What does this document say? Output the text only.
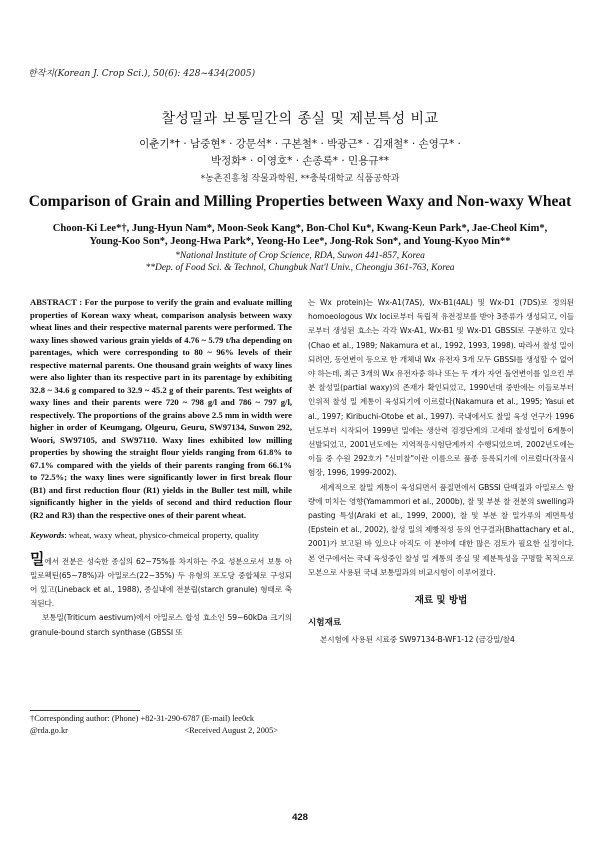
한작지(Korean J. Crop Sci.), 50(6): 428~434(2005)
찰성밀과 보통밀간의 종실 및 제분특성 비교
이춘기*† · 남중현* · 강문석* · 구본철* · 박광근* · 김재철* · 손영구* ·
박정화* · 이영호* · 손종록* · 민용규**
*농촌진흥청 작물과학원, **충북대학교 식품공학과
Comparison of Grain and Milling Properties between Waxy and Non-waxy Wheat
Choon-Ki Lee*†, Jung-Hyun Nam*, Moon-Seok Kang*, Bon-Chol Ku*, Kwang-Keun Park*, Jae-Cheol Kim*,
Young-Koo Son*, Jeong-Hwa Park*, Yeong-Ho Lee*, Jong-Rok Son*, and Young-Kyoo Min**
*National Institute of Crop Science, RDA, Suwon 441-857, Korea
**Dep. of Food Sci. & Technol, Chungbuk Nat'l Univ., Cheongju 361-763, Korea

ABSTRACT : For the purpose to verify the grain and evaluate milling properties of Korean waxy wheat, comparison analysis between waxy wheat lines and their respective maternal parents were performed. The waxy lines showed various grain yields of 4.76 ~ 5.79 t/ha depending on parentages, which were corresponding to 80 ~ 96% levels of their respective maternal parents. One thousand grain weights of waxy lines were also lighter than its respective part in its parentage by exhibiting 32.8 ~ 34.6 g compared to 32.9 ~ 45.2 g of their parents. Test weights of waxy lines and their parents were 720 ~ 798 g/l and 786 ~ 797 g/l, respectively. The proportions of the grains above 2.5 mm in width were higher in order of Keumgang, Olgeuru, Geuru, SW97134, Suwon 292, Woori, SW97105, and SW97110. Waxy lines exhibited low milling properties by showing the straight flour yields ranging from 61.8% to 67.1% compared with the yields of their parents ranging from 66.1% to 72.5%; the waxy lines were significantly lower in first break flour (B1) and first reduction flour (R1) yields in the Buller test mill, while significantly higher in the yields of second and third reduction flour (R2 and R3) than the respective ones of their parent wheat.

Keywords: wheat, waxy wheat, physico-chmeical property, quality

밀에서 전분은 성숙한 종실의 62~75%를 차지하는 주요 성분으로서 보통 아밀로펙틴(65~78%)과 아밀로스(22~35%) 두 유형의 포도당 중합체로 구성되어 있고(Lineback et al., 1988), 종실내에 전분립(starch granule) 형태로 축적된다.

보통밀(Triticum aestivum)에서 아밀로스 합성 효소인 59~60kDa 크기의 granule-bound starch synthase (GBSSI 또

는 Wx protein)는 Wx-A1(7AS), Wx-B1(4AL) 및 Wx-D1 (7DS)로 정의된 homoeologous Wx loci로부터 독립적 유전정보를 받아 3종류가 생성되고, 이들로부터 생성된 효소는 각각 Wx-A1, Wx-B1 및 Wx-D1 GBSSI로 구분하고 있다(Chao et al., 1989; Nakamura et al., 1992, 1993, 1998). 따라서 찰성 밀이 되려면, 동연변이 등으로 한 개체내 Wx 유전자 3개 모두 GBSSI를 생성할 수 없어야 하는데, 최근 3개의 Wx 유전자중 하나 또는 두 개가 자연 돌연변이를 일으킨 부분 찰성밀(partial waxy)의 존재가 확인되었고, 1990년대 중반에는 이들로부터 인위적 찰성 밀 계통이 육성되기에 이르렀다(Nakamura et al., 1995; Yasui et al., 1997; Kiribuchi-Otobe et al., 1997). 국내에서도 찰밀 육성 연구가 1996년도부터 시작되어 1999년 밀에는 생산력 검정단계의 고세대 찰성밀이 6계통이 선발되었고, 2001년도에는 지역적응시험단계까지 수행되었으며, 2002년도에는 이들 중 수원 292호가 "신미찰"이란 이름으로 품종 등록되기에 이르렀다(작물시험장, 1996, 1999-2002).

세계적으로 찰밀 계통이 육성되면서 품질면에서 GBSSI 단백질과 아밀로스 함량에 미치는 영향(Yamammori et al., 2000b), 찰 및 부분 찰 전분의 swelling과 pasting 특성(Araki et al., 1999, 2000), 찰 및 부분 찰 밀가루의 제면특성(Epstein et al., 2002), 찰성 밀의 제빵적성 등의 연구결과(Bhattachary et al., 2001)가 보고된 바 있으나 아직도 이 분야에 대한 많은 검토가 필요한 실정이다. 본 연구에서는 국내 육성중인 찰성 밀 계통의 종실 및 제분특성을 구명할 목적으로 모본으로 사용된 국내 보통밀과의 비교시험이 이루어졌다.

재료 및 방법
시험재료

본시험에 사용된 시료중 SW97134-B-WF1-12 (금강밀/찰4

†Corresponding author: (Phone) +82-31-290-6787 (E-mail) lee0ck
@rda.go.kr	<Received August 2, 2005>
428
